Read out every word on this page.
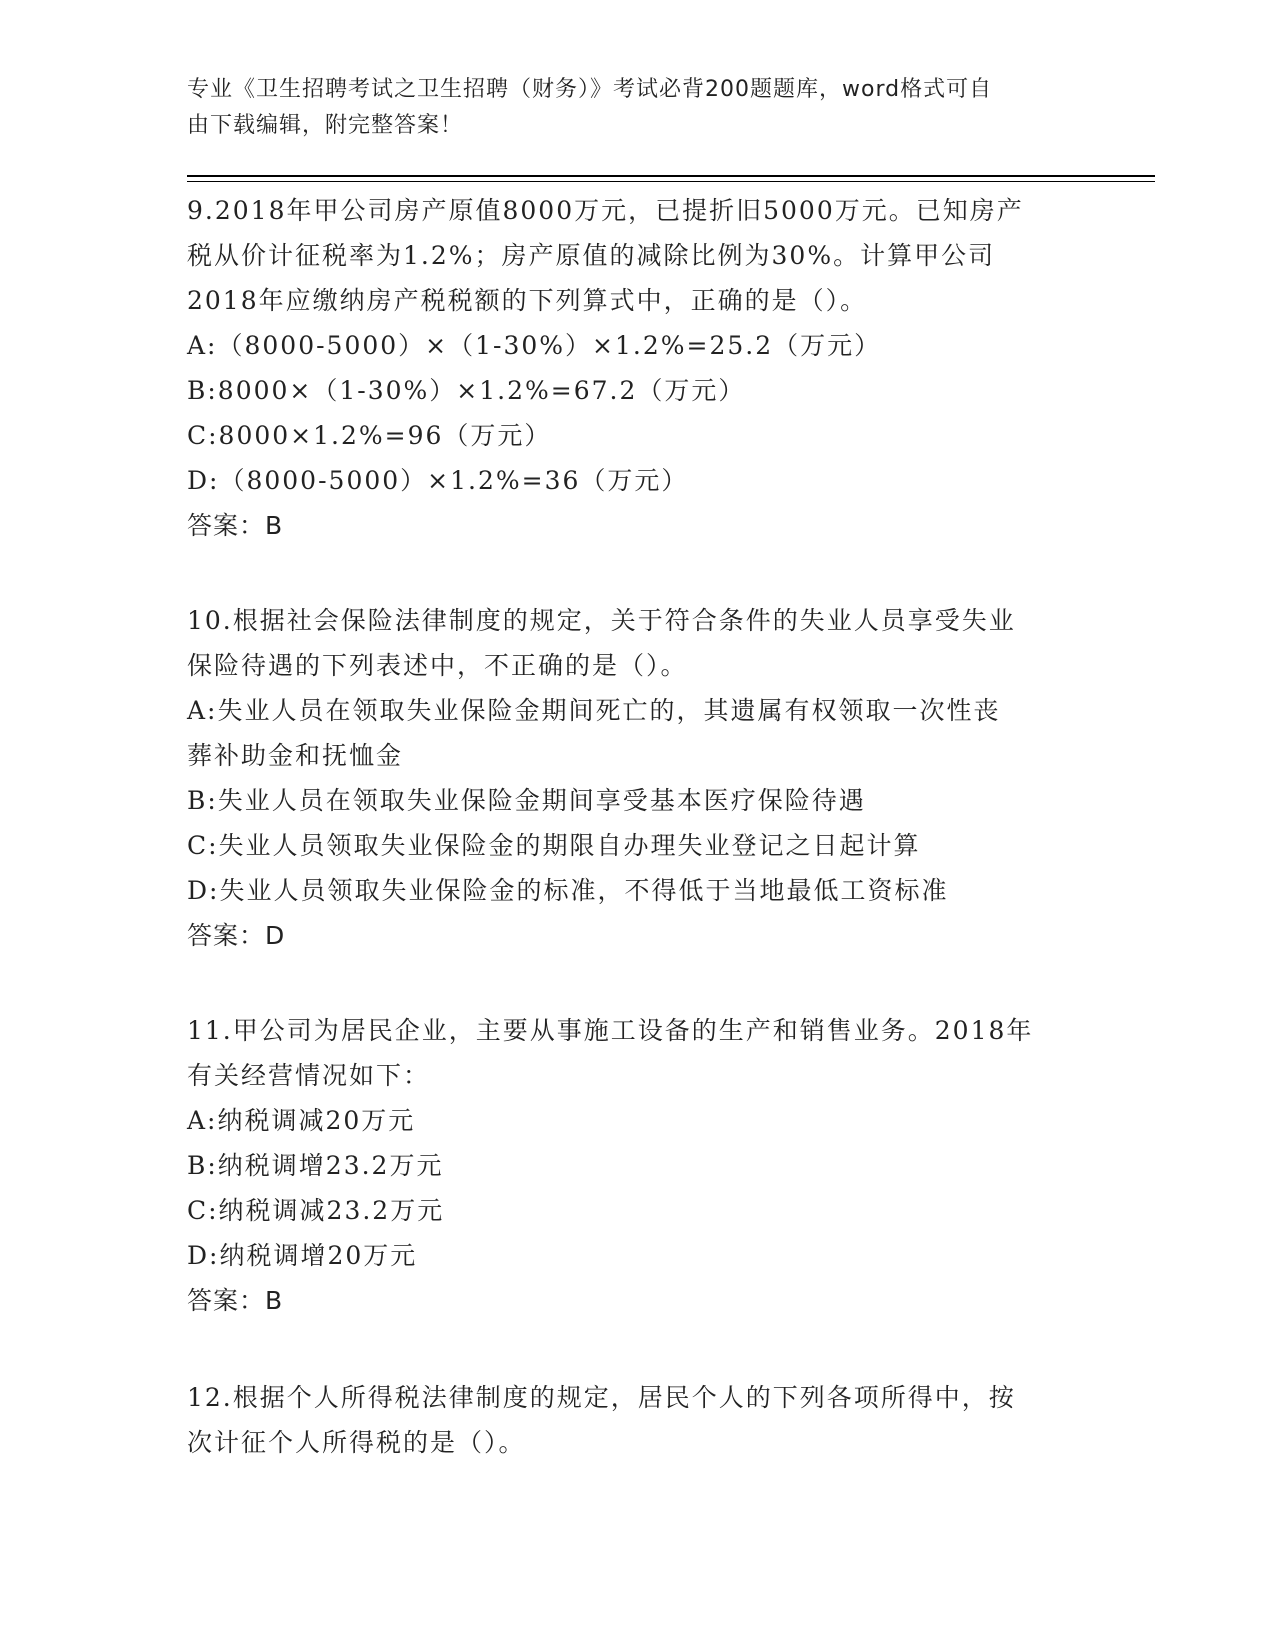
专业《卫生招聘考试之卫生招聘（财务）》考试必背200题题库，word格式可自
由下载编辑，附完整答案！

9.2018年甲公司房产原值8000万元，已提折旧5000万元。已知房产

税从价计征税率为1.2%；房产原值的减除比例为30%。计算甲公司

2018年应缴纳房产税税额的下列算式中，正确的是（）。

A:（8000-5000）×（1-30%）×1.2%=25.2（万元）

B:8000×（1-30%）×1.2%=67.2（万元）

C:8000×1.2%=96（万元）

D:（8000-5000）×1.2%=36（万元）

答案：B

10.根据社会保险法律制度的规定，关于符合条件的失业人员享受失业

保险待遇的下列表述中，不正确的是（）。

A:失业人员在领取失业保险金期间死亡的，其遗属有权领取一次性丧

葬补助金和抚恤金

B:失业人员在领取失业保险金期间享受基本医疗保险待遇

C:失业人员领取失业保险金的期限自办理失业登记之日起计算

D:失业人员领取失业保险金的标准，不得低于当地最低工资标准

答案：D

11.甲公司为居民企业，主要从事施工设备的生产和销售业务。2018年

有关经营情况如下：

A:纳税调减20万元

B:纳税调增23.2万元

C:纳税调减23.2万元

D:纳税调增20万元

答案：B

12.根据个人所得税法律制度的规定，居民个人的下列各项所得中，按

次计征个人所得税的是（）。
